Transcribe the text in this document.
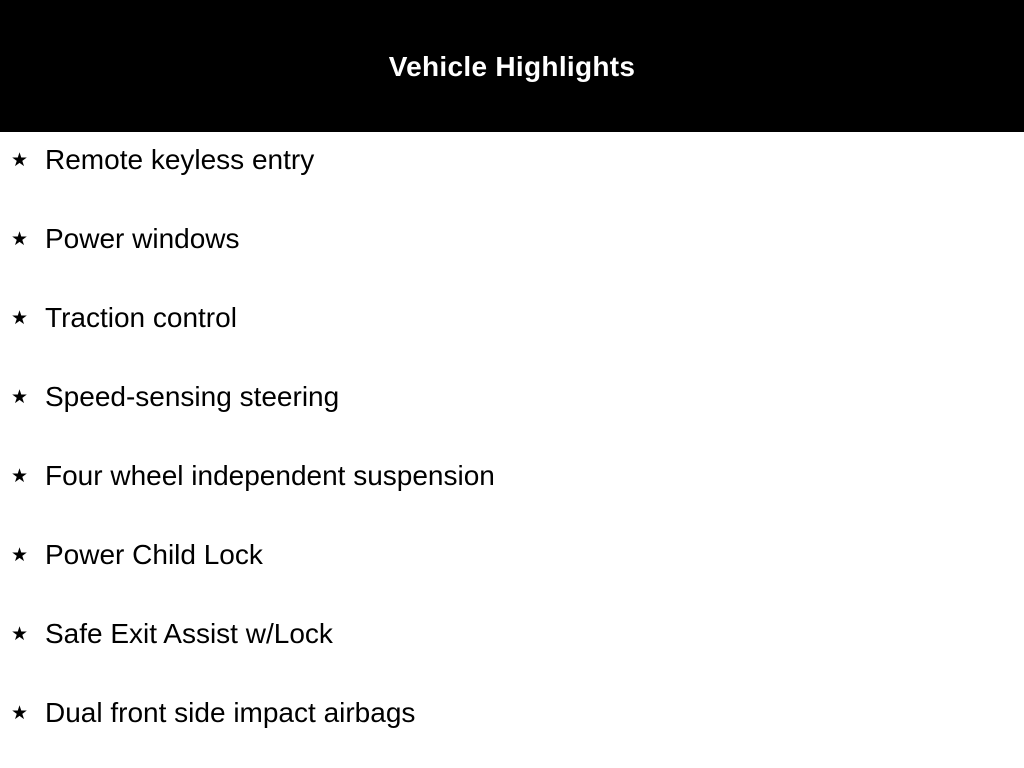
Vehicle Highlights
★ Remote keyless entry
★ Power windows
★ Traction control
★ Speed-sensing steering
★ Four wheel independent suspension
★ Power Child Lock
★ Safe Exit Assist w/Lock
★ Dual front side impact airbags
